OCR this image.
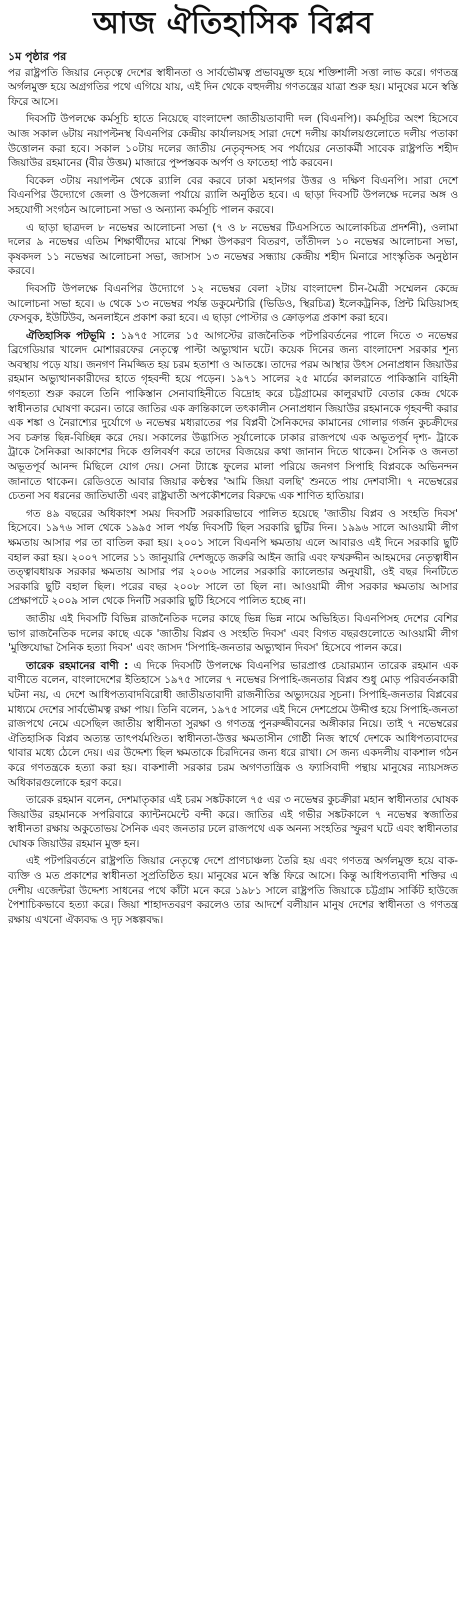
আজ ঐতিহাসিক বিপ্লব
১ম পৃষ্ঠার পর

পর রাষ্ট্রপতি জিয়ার নেতৃত্বে দেশের স্বাধীনতা ও সার্বভৌমত্ব প্রভাবমুক্ত হয়ে শক্তিশালী সত্তা লাভ করে। গণতন্ত্র অর্গলমুক্ত হয়ে অগ্রগতির পথে এগিয়ে যায়, এই দিন থেকে বহুদলীয় গণতন্ত্রের যাত্রা শুরু হয়। মানুষের মনে স্বস্তি ফিরে আসে।

দিবসটি উপলক্ষে কর্মসূচি হাতে নিয়েছে বাংলাদেশ জাতীয়তাবাদী দল (বিএনপি)। কর্মসূচির অংশ হিসেবে আজ সকাল ৬টায় নয়াপল্টনস্থ বিএনপির কেন্দ্রীয় কার্যালয়সহ সারা দেশে দলীয় কার্যালয়গুলোতে দলীয় পতাকা উত্তোলন করা হবে। সকাল ১০টায় দলের জাতীয় নেতৃবৃন্দসহ সব পর্যায়ের নেতাকর্মী সাবেক রাষ্ট্রপতি শহীদ জিয়াউর রহমানের (বীর উত্তম) মাজারে পুষ্পস্তবক অর্পণ ও ফাতেহা পাঠ করবেন।

বিকেল ৩টায় নয়াপল্টন থেকে র‍্যালি বের করবে ঢাকা মহানগর উত্তর ও দক্ষিণ বিএনপি। সারা দেশে বিএনপির উদ্যোগে জেলা ও উপজেলা পর্যায়ে র‍্যালি অনুষ্ঠিত হবে। এ ছাড়া দিবসটি উপলক্ষে দলের অঙ্গ ও সহযোগী সংগঠন আলোচনা সভা ও অন্যান্য কর্মসূচি পালন করবে।

এ ছাড়া ছাত্রদল ৮ নভেম্বর আলোচনা সভা (৭ ও ৮ নভেম্বর টিএসসিতে আলোকচিত্র প্রদর্শনী), ওলামা দলের ৯ নভেম্বর এতিম শিক্ষার্থীদের মাঝে শিক্ষা উপকরণ বিতরণ, তাঁতীদল ১০ নভেম্বর আলোচনা সভা, কৃষকদল ১১ নভেম্বর আলোচনা সভা, জাসাস ১৩ নভেম্বর সন্ধ্যায় কেন্দ্রীয় শহীদ মিনারে সাংস্কৃতিক অনুষ্ঠান করবে।

দিবসটি উপলক্ষে বিএনপির উদ্যোগে ১২ নভেম্বর বেলা ২টায় বাংলাদেশ চীন-মৈত্রী সম্মেলন কেন্দ্রে আলোচনা সভা হবে। ৬ থেকে ১৩ নভেম্বর পর্যন্ত ডকুমেন্টারি (ভিডিও, স্থিরচিত্র) ইলেকট্রনিক, প্রিন্ট মিডিয়াসহ ফেসবুক, ইউটিউব, অনলাইনে প্রকাশ করা হবে। এ ছাড়া পোস্টার ও ক্রোড়পত্র প্রকাশ করা হবে।

ঐতিহাসিক পটভূমি : ১৯৭৫ সালের ১৫ আগস্টের রাজনৈতিক পটপরিবর্তনের পালে দিতে ৩ নভেম্বর ব্রিগেডিয়ার খালেদ মোশাররফের নেতৃত্বে পাল্টা অভ্যুত্থান ঘটে। কয়েক দিনের জন্য বাংলাদেশ সরকার শূন্য অবস্থায় পড়ে যায়। জনগণ নিমজ্জিত হয় চরম হতাশা ও আতঙ্কে। তাদের পরম আস্থার উৎস সেনাপ্রধান জিয়াউর রহমান অভ্যুত্থানকারীদের হাতে গৃহবন্দী হয়ে পড়েন। ১৯৭১ সালের ২৫ মার্চের কালরাতে পাকিস্তানি বাহিনী গণহত্যা শুরু করলে তিনি পাকিস্তান সেনাবাহিনীতে বিদ্রোহ করে চট্টগ্রামের কালুরঘাট বেতার কেন্দ্র থেকে স্বাধীনতার ঘোষণা করেন। তারে জাতির এক ক্রান্তিকালে তৎকালীন সেনাপ্রধান জিয়াউর রহমানকে গৃহবন্দী করার এক শঙ্কা ও নৈরাশ্যের দুর্যোগে ৬ নভেম্বর মধ্যরাতের পর বিপ্লবী সৈনিকদের কামানের গোলার গর্জন কুচক্রীদের সব চক্রান্ত ছিন্ন-বিচ্ছিন্ন করে দেয়। সকালের উদ্ভাসিত সূর্যালোকে ঢাকার রাজপথে এক অভূতপূর্ব দৃশ্য- ট্রাকে ট্রাকে সৈনিকরা আকাশের দিকে গুলিবর্ষণ করে তাদের বিজয়ের কথা জানান দিতে থাকেন। সৈনিক ও জনতা অভূতপূর্ব আনন্দ মিছিলে যোগ দেয়। সেনা ট্যাঙ্কে ফুলের মালা পরিয়ে জনগণ সিপাহি বিপ্লবকে অভিনন্দন জানাতে থাকেন। রেডিওতে আবার জিয়ার কণ্ঠস্বর 'আমি জিয়া বলছি' শুনতে পায় দেশবাসী। ৭ নভেম্বরের চেতনা সব ধরনের জাতিঘাতী এবং রাষ্ট্রঘাতী অপকৌশলের বিরুদ্ধে এক শাণিত হাতিয়ার।

গত ৪৯ বছরের অধিকাংশ সময় দিবসটি সরকারিভাবে পালিত হয়েছে 'জাতীয় বিপ্লব ও সংহতি দিবস' হিসেবে। ১৯৭৬ সাল থেকে ১৯৯৫ সাল পর্যন্ত দিবসটি ছিল সরকারি ছুটির দিন। ১৯৯৬ সালে আওয়ামী লীগ ক্ষমতায় আসার পর তা বাতিল করা হয়। ২০০১ সালে বিএনপি ক্ষমতায় এলে আবারও এই দিনে সরকারি ছুটি বহাল করা হয়। ২০০৭ সালের ১১ জানুয়ারি দেশজুড়ে জরুরি আইন জারি এবং ফখরুদ্দীন আহমদের নেতৃত্বাধীন তত্ত্বাবধায়ক সরকার ক্ষমতায় আসার পর ২০০৬ সালের সরকারি ক্যালেন্ডার অনুযায়ী, ওই বছর দিনটিতে সরকারি ছুটি বহাল ছিল। পরের বছর ২০০৮ সালে তা ছিল না। আওয়ামী লীগ সরকার ক্ষমতায় আসার প্রেক্ষাপটে ২০০৯ সাল থেকে দিনটি সরকারি ছুটি হিসেবে পালিত হচ্ছে না।

জাতীয় এই দিবসটি বিভিন্ন রাজনৈতিক দলের কাছে ভিন্ন ভিন্ন নামে অভিহিত। বিএনপিসহ দেশের বেশির ভাগ রাজনৈতিক দলের কাছে একে 'জাতীয় বিপ্লব ও সংহতি দিবস' এবং বিগত বছরগুলোতে আওয়ামী লীগ 'মুক্তিযোদ্ধা সৈনিক হত্যা দিবস' এবং জাসদ 'সিপাহি-জনতার অভ্যুত্থান দিবস' হিসেবে পালন করে।

তারেক রহমানের বাণী : এ দিকে দিবসটি উপলক্ষে বিএনপির ভারপ্রাপ্ত চেয়ারম্যান তারেক রহমান এক বাণীতে বলেন, বাংলাদেশের ইতিহাসে ১৯৭৫ সালের ৭ নভেম্বর সিপাহি-জনতার বিপ্লব শুধু মোড় পরিবর্তনকারী ঘটনা নয়, এ দেশে আধিপত্যবাদবিরোধী জাতীয়তাবাদী রাজনীতির অভ্যুদয়ের সূচনা। সিপাহি-জনতার বিপ্লবের মাধ্যমে দেশের সার্বভৌমত্ব রক্ষা পায়। তিনি বলেন, ১৯৭৫ সালের এই দিনে দেশপ্রেমে উদ্দীপ্ত হয়ে সিপাহি-জনতা রাজপথে নেমে এসেছিল জাতীয় স্বাধীনতা সুরক্ষা ও গণতন্ত্র পুনরুজ্জীবনের অঙ্গীকার নিয়ে। তাই ৭ নভেম্বরের ঐতিহাসিক বিপ্লব অত্যন্ত তাৎপর্যমণ্ডিত। স্বাধীনতা-উত্তর ক্ষমতাসীন গোষ্ঠী নিজ স্বার্থে দেশকে আধিপত্যবাদের থাবার মধ্যে ঠেলে দেয়। এর উদ্দেশ্য ছিল ক্ষমতাকে চিরদিনের জন্য ধরে রাখা। সে জন্য একদলীয় বাকশাল গঠন করে গণতন্ত্রকে হত্যা করা হয়। বাকশালী সরকার চরম অগণতান্ত্রিক ও ফ্যাসিবাদী পন্থায় মানুষের ন্যায়সঙ্গত অধিকারগুলোকে হরণ করে।

তারেক রহমান বলেন, দেশমাতৃকার এই চরম সঙ্কটকালে ৭৫ এর ৩ নভেম্বর কুচক্রীরা মহান স্বাধীনতার ঘোষক জিয়াউর রহমানকে সপরিবারে ক্যান্টনমেন্টে বন্দী করে। জাতির এই গভীর সঙ্কটকালে ৭ নভেম্বর স্বজাতির স্বাধীনতা রক্ষায় অকুতোভয় সৈনিক এবং জনতার ঢলে রাজপথে এক অনন্য সংহতির স্ফুরণ ঘটে এবং স্বাধীনতার ঘোষক জিয়াউর রহমান মুক্ত হন।

এই পটপরিবর্তনে রাষ্ট্রপতি জিয়ার নেতৃত্বে দেশে প্রাণচাঞ্চল্য তৈরি হয় এবং গণতন্ত্র অর্গলমুক্ত হয়ে বাক-ব্যক্তি ও মত প্রকাশের স্বাধীনতা সুপ্রতিষ্ঠিত হয়। মানুষের মনে স্বস্তি ফিরে আসে। কিন্তু আধিপত্যবাদী শক্তির এ দেশীয় এজেন্টরা উদ্দেশ্য সাধনের পথে কাঁটা মনে করে ১৯৮১ সালে রাষ্ট্রপতি জিয়াকে চট্টগ্রাম সার্কিট হাউজে পৈশাচিকভাবে হত্যা করে। জিয়া শাহাদতবরণ করলেও তার আদর্শে বলীয়ান মানুষ দেশের স্বাধীনতা ও গণতন্ত্র রক্ষায় এখনো ঐক্যবদ্ধ ও দৃঢ় সঙ্কল্পবদ্ধ।
